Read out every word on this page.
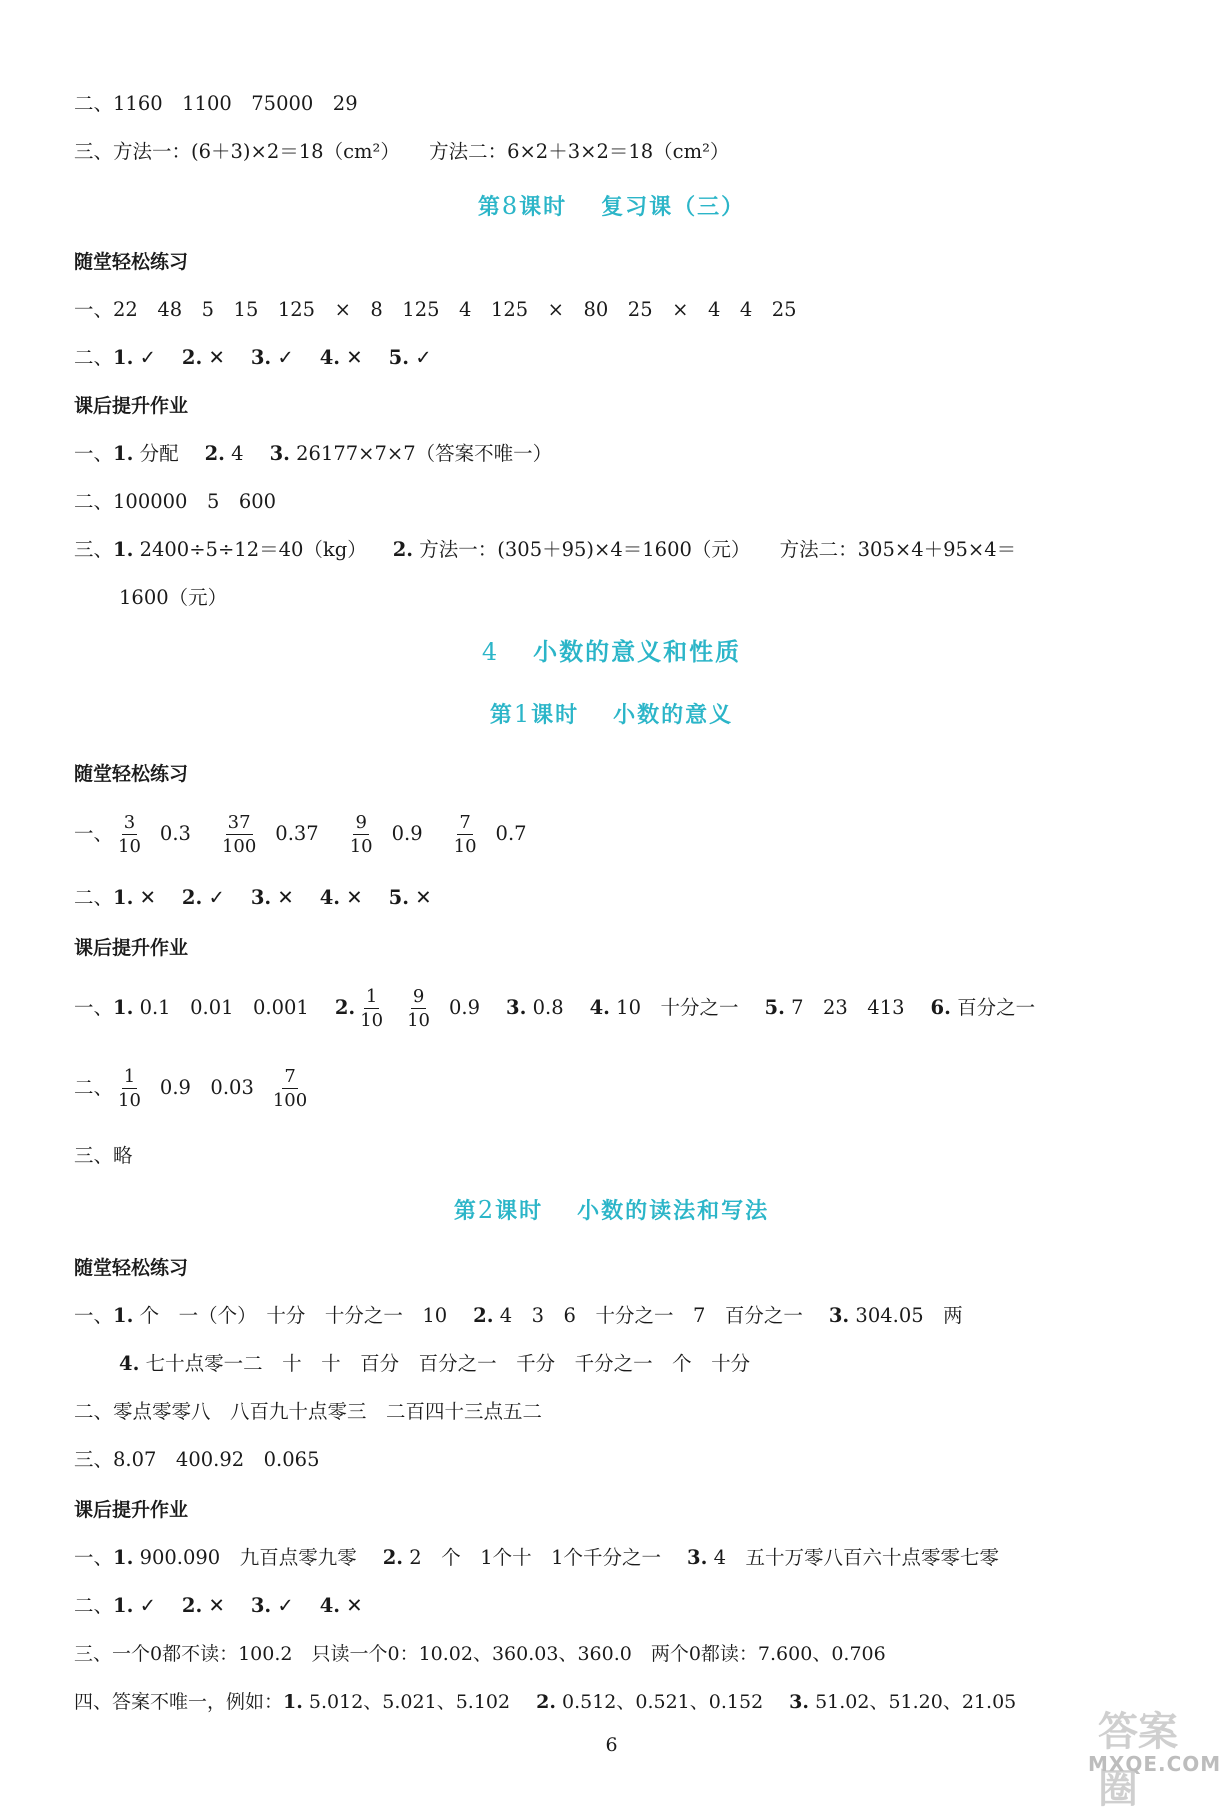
二、1160　1100　75000　29
三、方法一：(6＋3)×2＝18（cm²）　　方法二：6×2＋3×2＝18（cm²）
第8课时 复习课（三）
随堂轻松练习
一、22　48　5　15　125　×　8　125　4　125　×　80　25　×　4　4　25
二、1. ✓ 2. ✕ 3. ✓ 4. ✕ 5. ✓
课后提升作业
一、1. 分配 2. 4 3. 26177×7×7（答案不唯一）
二、100000　5　600
三、1. 2400÷5÷12＝40（kg） 2. 方法一：(305＋95)×4＝1600（元）　　方法二：305×4＋95×4＝
1600（元）
4 小数的意义和性质
第1课时 小数的意义
随堂轻松练习
一、 $\frac{3}{10} 0.3 \frac{37}{100} 0.37 \frac{9}{10} 0.9 \frac{7}{10} 0.7$
二、1. ✕ 2. ✓ 3. ✕ 4. ✕ 5. ✕
课后提升作业
一、1. 0.1　0.01　0.001 2. $\frac{1}{10} \frac{9}{10} 0.9$ 3. 0.8 4. 10　十分之一 5. 7　23　413 6. 百分之一
二、 $\frac{1}{10} 0.9$　$0.03 \frac{7}{100}$
三、略
第2课时 小数的读法和写法
随堂轻松练习
一、1. 个　一（个）　十分　十分之一　10 2. 4　3　6　十分之一　7　百分之一 3. 304.05　两
4. 七十点零一二　十　十　百分　百分之一　千分　千分之一　个　十分
二、零点零零八　八百九十点零三　二百四十三点五二
三、8.07　400.92　0.065
课后提升作业
一、1. 900.090　九百点零九零 2. 2　个　1个十　1个千分之一 3. 4　五十万零八百六十点零零七零
二、1. ✓ 2. ✕ 3. ✓ 4. ✕
三、一个0都不读：100.2　只读一个0：10.02、360.03、360.0　两个0都读：7.600、0.706
四、答案不唯一，例如：1. 5.012、5.021、5.102 2. 0.512、0.521、0.152 3. 51.02、51.20、21.05
6	答案圈
MXQE.COM
